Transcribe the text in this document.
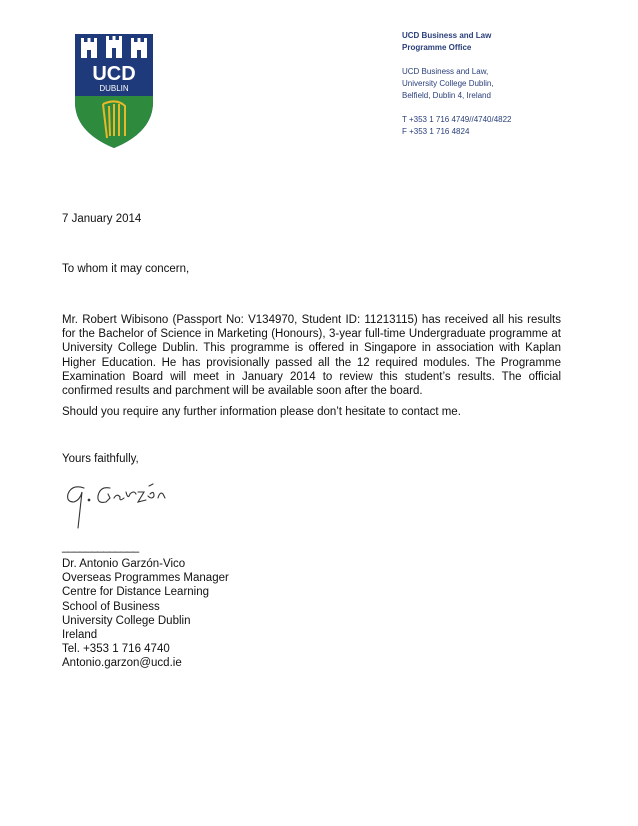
UCD
DUBLIN
UCD Business and Law
Programme Office
UCD Business and Law,
University College Dublin,
Belfield, Dublin 4, Ireland
T +353 1 716 4749//4740/4822
F +353 1 716 4824
7 January 2014
To whom it may concern,
Mr. Robert Wibisono (Passport No: V134970, Student ID: 11213115) has received all his results for the Bachelor of Science in Marketing (Honours), 3-year full-time Undergraduate programme at University College Dublin. This programme is offered in Singapore in association with Kaplan Higher Education. He has provisionally passed all the 12 required modules. The Programme Examination Board will meet in January 2014 to review this student’s results. The official confirmed results and parchment will be available soon after the board.
Should you require any further information please don’t hesitate to contact me.
Yours faithfully,
_____________
Dr. Antonio Garzón-Vico
Overseas Programmes Manager
Centre for Distance Learning
School of Business
University College Dublin
Ireland
Tel. +353 1 716 4740
Antonio.garzon@ucd.ie
